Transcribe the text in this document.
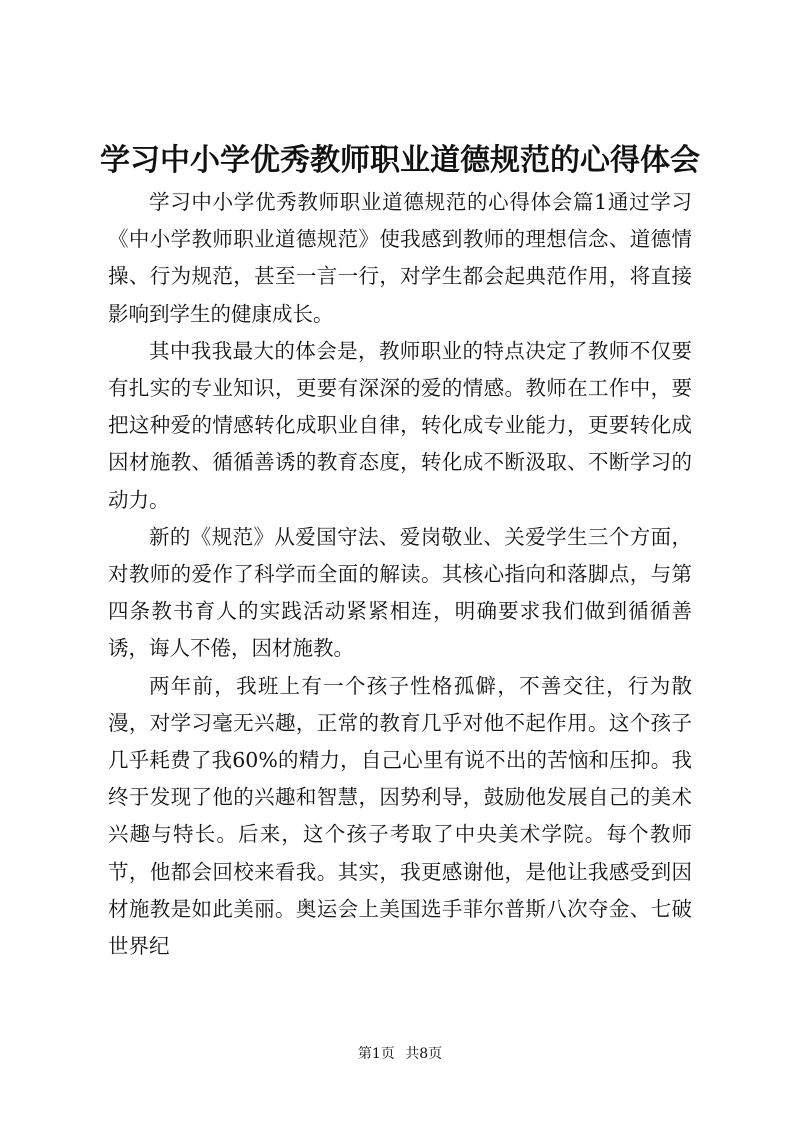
学习中小学优秀教师职业道德规范的心得体会

学习中小学优秀教师职业道德规范的心得体会篇1通过学习《中小学教师职业道德规范》使我感到教师的理想信念、道德情操、行为规范，甚至一言一行，对学生都会起典范作用，将直接影响到学生的健康成长。

其中我我最大的体会是，教师职业的特点决定了教师不仅要有扎实的专业知识，更要有深深的爱的情感。教师在工作中，要把这种爱的情感转化成职业自律，转化成专业能力，更要转化成因材施教、循循善诱的教育态度，转化成不断汲取、不断学习的动力。

新的《规范》从爱国守法、爱岗敬业、关爱学生三个方面，对教师的爱作了科学而全面的解读。其核心指向和落脚点，与第四条教书育人的实践活动紧紧相连，明确要求我们做到循循善诱，诲人不倦，因材施教。

两年前，我班上有一个孩子性格孤僻，不善交往，行为散漫，对学习毫无兴趣，正常的教育几乎对他不起作用。这个孩子几乎耗费了我60%的精力，自己心里有说不出的苦恼和压抑。我终于发现了他的兴趣和智慧，因势利导，鼓励他发展自己的美术兴趣与特长。后来，这个孩子考取了中央美术学院。每个教师节，他都会回校来看我。其实，我更感谢他，是他让我感受到因材施教是如此美丽。奥运会上美国选手菲尔普斯八次夺金、七破世界纪

第1页 共8页
